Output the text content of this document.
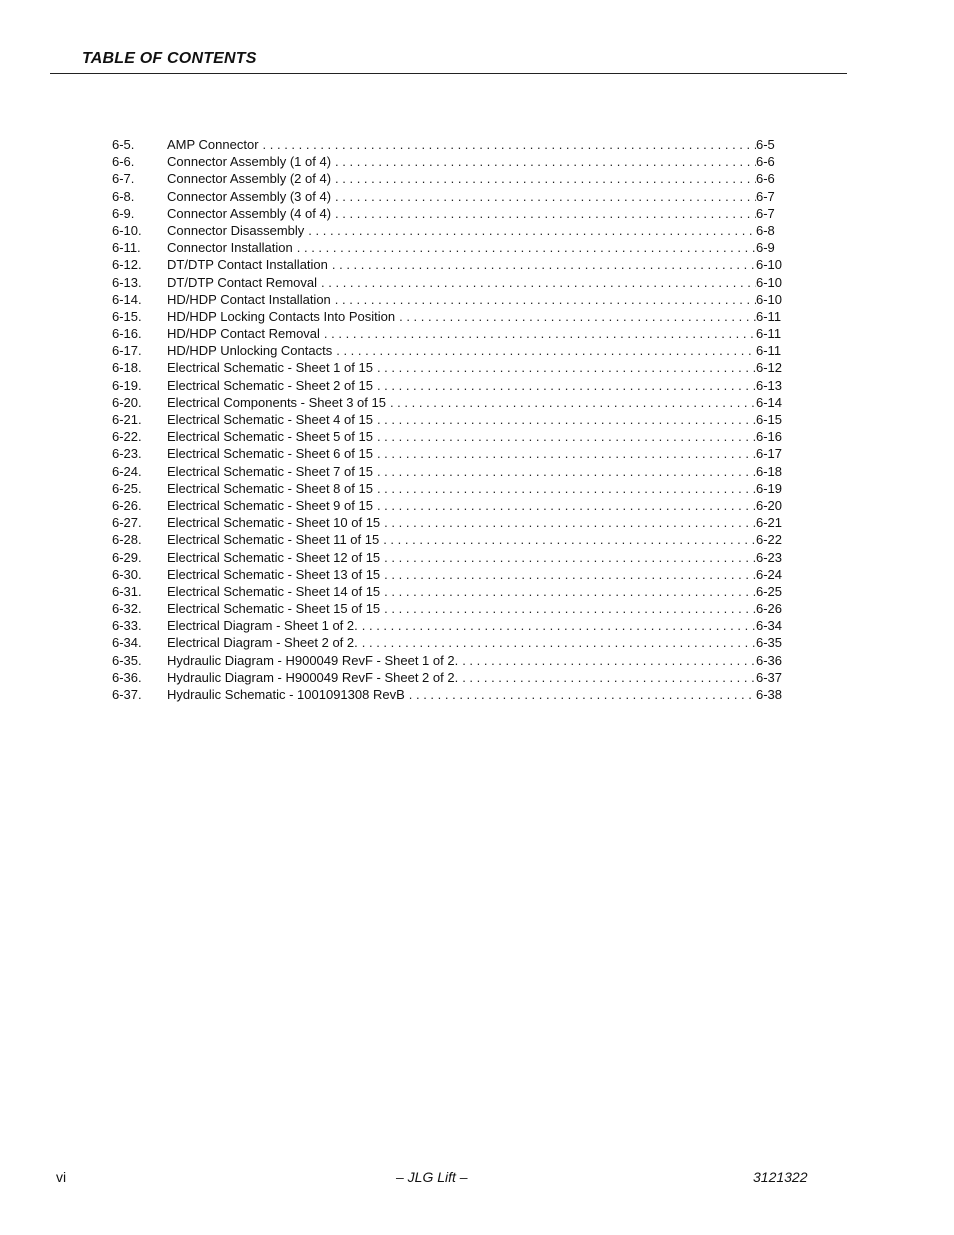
TABLE OF CONTENTS
6-5.	AMP Connector . . .	6-5
6-6.	Connector Assembly (1 of 4) . . .	6-6
6-7.	Connector Assembly (2 of 4) . . .	6-6
6-8.	Connector Assembly (3 of 4) . . .	6-7
6-9.	Connector Assembly (4 of 4) . . .	6-7
6-10.	Connector Disassembly . . .	6-8
6-11.	Connector Installation . . .	6-9
6-12.	DT/DTP Contact Installation . . .	6-10
6-13.	DT/DTP Contact Removal . . .	6-10
6-14.	HD/HDP Contact Installation . . .	6-10
6-15.	HD/HDP Locking Contacts Into Position . . .	6-11
6-16.	HD/HDP Contact Removal . . .	6-11
6-17.	HD/HDP Unlocking Contacts . . .	6-11
6-18.	Electrical Schematic - Sheet 1 of 15 . . .	6-12
6-19.	Electrical Schematic - Sheet 2 of 15 . . .	6-13
6-20.	Electrical Components - Sheet 3 of 15 . . .	6-14
6-21.	Electrical Schematic - Sheet 4 of 15 . . .	6-15
6-22.	Electrical Schematic - Sheet 5 of 15 . . .	6-16
6-23.	Electrical Schematic - Sheet 6 of 15 . . .	6-17
6-24.	Electrical Schematic - Sheet 7 of 15 . . .	6-18
6-25.	Electrical Schematic - Sheet 8 of 15 . . .	6-19
6-26.	Electrical Schematic - Sheet 9 of 15 . . .	6-20
6-27.	Electrical Schematic - Sheet 10 of 15 . . .	6-21
6-28.	Electrical Schematic - Sheet 11 of 15 . . .	6-22
6-29.	Electrical Schematic - Sheet 12 of 15 . . .	6-23
6-30.	Electrical Schematic - Sheet 13 of 15 . . .	6-24
6-31.	Electrical Schematic - Sheet 14 of 15 . . .	6-25
6-32.	Electrical Schematic - Sheet 15 of 15 . . .	6-26
6-33.	Electrical Diagram - Sheet 1 of 2. . . .	6-34
6-34.	Electrical Diagram - Sheet 2 of 2. . . .	6-35
6-35.	Hydraulic Diagram - H900049 RevF - Sheet 1 of 2. . . .	6-36
6-36.	Hydraulic Diagram - H900049 RevF - Sheet 2 of 2. . . .	6-37
6-37.	Hydraulic Schematic - 1001091308 RevB . . .	6-38
vi	– JLG Lift –	3121322
